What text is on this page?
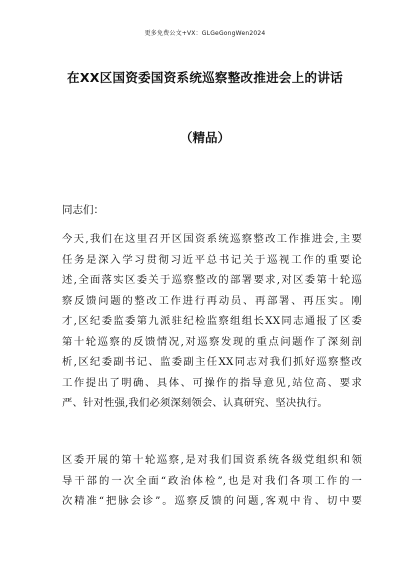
更多免费公文+VX：GLGeGongWen2024
在XX区国资委国资系统巡察整改推进会上的讲话
（精品）
同志们：
今天,我们在这里召开区国资系统巡察整改工作推进会,主要
任务是深入学习贯彻习近平总书记关于巡视工作的重要论
述,全面落实区委关于巡察整改的部署要求,对区委第十轮巡
察反馈问题的整改工作进行再动员、再部署、再压实。刚
才,区纪委监委第九派驻纪检监察组组长XX同志通报了区委
第十轮巡察的反馈情况,对巡察发现的重点问题作了深刻剖
析,区纪委副书记、监委副主任XX同志对我们抓好巡察整改
工作提出了明确、具体、可操作的指导意见,站位高、要求
严、针对性强,我们必须深刻领会、认真研究、坚决执行。
区委开展的第十轮巡察,是对我们国资系统各级党组织和领
导干部的一次全面“政治体检”,也是对我们各项工作的一
次精准“把脉会诊”。巡察反馈的问题,客观中肯、切中要
